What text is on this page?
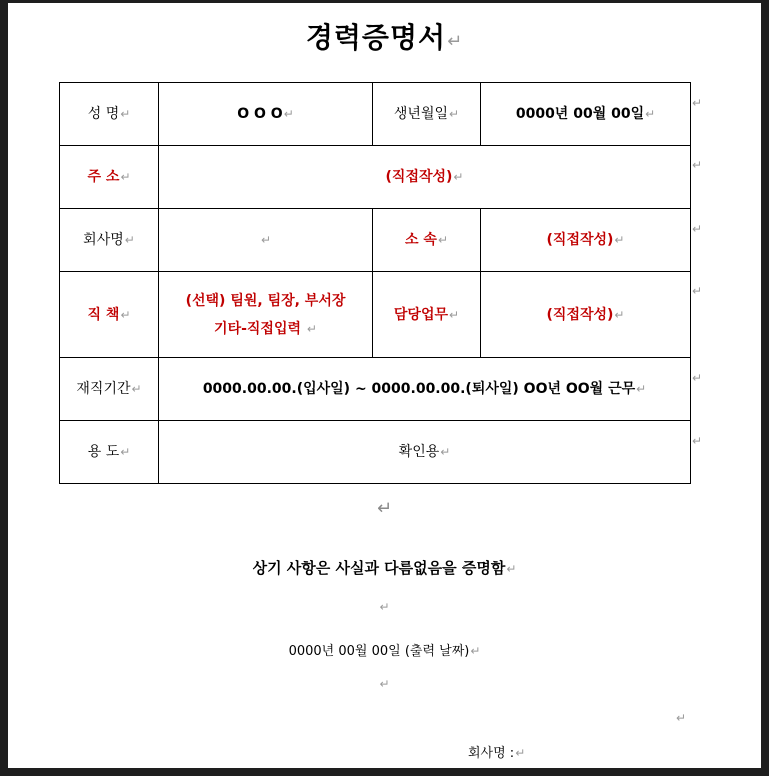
경력증명서↵
성 명↵	O O O↵	생년월일↵	0000년 00월 00일↵
주 소↵	(직접작성)↵		
회사명↵	↵	소 속↵	(직접작성)↵
직 책↵	(선택) 팀원, 팀장, 부서장
기타-직접입력 ↵	담당업무↵	(직접작성)↵
재직기간↵	0000.00.00.(입사일) ~ 0000.00.00.(퇴사일) OO년 OO월 근무↵		
용 도↵	확인용↵		
↵
↵
↵
↵
↵
↵
↵
상기 사항은 사실과 다름없음을 증명함↵
↵
0000년 00월 00일 (출력 날짜)↵
↵
↵
회사명 :↵
